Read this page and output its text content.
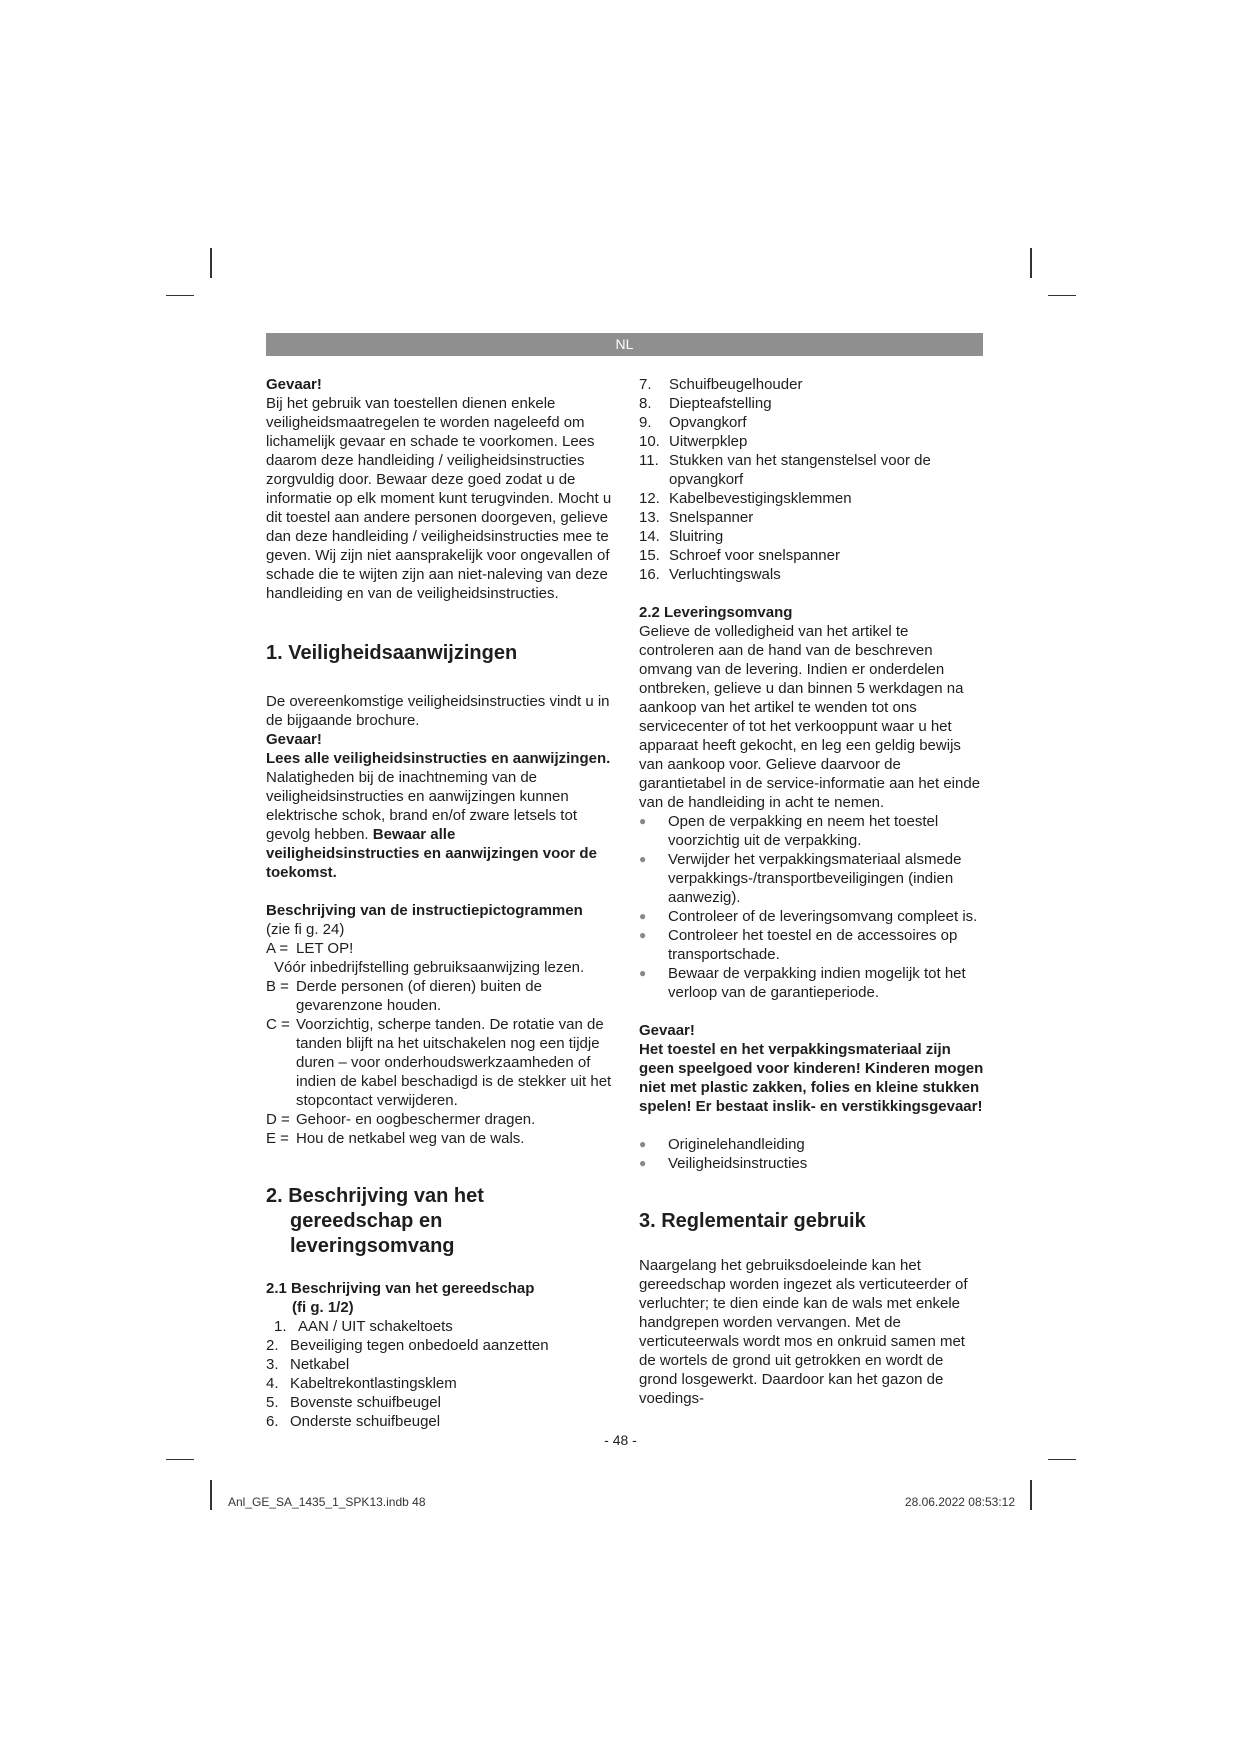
NL

Gevaar!

Bij het gebruik van toestellen dienen enkele veiligheidsmaatregelen te worden nageleefd om lichamelijk gevaar en schade te voorkomen. Lees daarom deze handleiding / veiligheidsinstructies zorgvuldig door. Bewaar deze goed zodat u de informatie op elk moment kunt terugvinden. Mocht u dit toestel aan andere personen doorgeven, gelieve dan deze handleiding / veiligheidsinstructies mee te geven. Wij zijn niet aansprakelijk voor ongevallen of schade die te wijten zijn aan niet-naleving van deze handleiding en van de veiligheidsinstructies.

1. Veiligheidsaanwijzingen

De overeenkomstige veiligheidsinstructies vindt u in de bijgaande brochure.

Gevaar!

Lees alle veiligheidsinstructies en aanwijzingen. Nalatigheden bij de inachtneming van de veiligheidsinstructies en aanwijzingen kunnen elektrische schok, brand en/of zware letsels tot gevolg hebben. Bewaar alle veiligheidsinstructies en aanwijzingen voor de toekomst.

Beschrijving van de instructiepictogrammen

(zie fi g. 24)

A = LET OP!
Vóór inbedrijfstelling gebruiksaanwijzing lezen.
B = Derde personen (of dieren) buiten de gevarenzone houden.
C = Voorzichtig, scherpe tanden. De rotatie van de tanden blijft na het uitschakelen nog een tijdje duren – voor onderhoudswerkzaamheden of indien de kabel beschadigd is de stekker uit het stopcontact verwijderen.
D = Gehoor- en oogbeschermer dragen.
E = Hou de netkabel weg van de wals.

2. Beschrijving van het gereedschap en leveringsomvang

2.1 Beschrijving van het gereedschap

(fi g. 1/2)

1. AAN / UIT schakeltoets
2. Beveiliging tegen onbedoeld aanzetten
3. Netkabel
4. Kabeltrekontlastingsklem
5. Bovenste schuifbeugel
6. Onderste schuifbeugel
7.	Schuifbeugelhouder
8.	Diepteafstelling
9.	Opvangkorf
10. Uitwerpklep
11. Stukken van het stangenstelsel voor de opvangkorf
12. Kabelbevestigingsklemmen
13. Snelspanner
14. Sluitring
15. Schroef voor snelspanner
16. Verluchtingswals

2.2 Leveringsomvang

Gelieve de volledigheid van het artikel te controleren aan de hand van de beschreven omvang van de levering. Indien er onderdelen ontbreken, gelieve u dan binnen 5 werkdagen na aankoop van het artikel te wenden tot ons servicecenter of tot het verkooppunt waar u het apparaat heeft gekocht, en leg een geldig bewijs van aankoop voor. Gelieve daarvoor de garantietabel in de service-informatie aan het einde van de handleiding in acht te nemen.

●	Open de verpakking en neem het toestel voorzichtig uit de verpakking.
●	Verwijder het verpakkingsmateriaal alsmede verpakkings-/transportbeveiligingen (indien aanwezig).
●	Controleer of de leveringsomvang compleet is.
●	Controleer het toestel en de accessoires op transportschade.
●	Bewaar de verpakking indien mogelijk tot het verloop van de garantieperiode.

Gevaar!

Het toestel en het verpakkingsmateriaal zijn geen speelgoed voor kinderen! Kinderen mogen niet met plastic zakken, folies en kleine stukken spelen! Er bestaat inslik- en verstikkingsgevaar!

●	Originelehandleiding
●	Veiligheidsinstructies

3. Reglementair gebruik

Naargelang het gebruiksdoeleinde kan het gereedschap worden ingezet als verticuteerder of verluchter; te dien einde kan de wals met enkele handgrepen worden vervangen. Met de verticuteerwals wordt mos en onkruid samen met de wortels de grond uit getrokken en wordt de grond losgewerkt. Daardoor kan het gazon de voedings-

- 48 -
Anl_GE_SA_1435_1_SPK13.indb 48	28.06.2022 08:53:12
